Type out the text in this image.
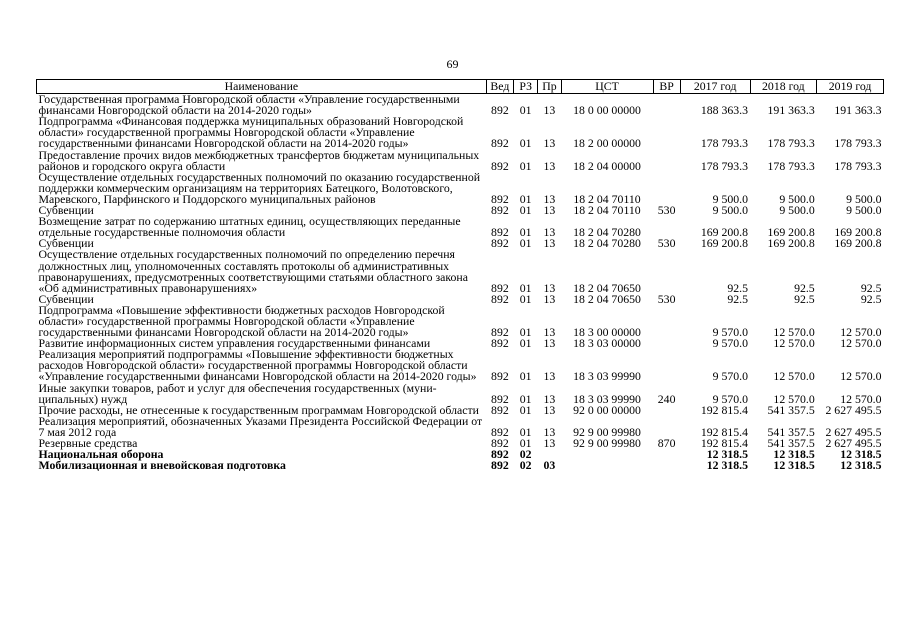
69
Наименование	Вед	РЗ	Пр	ЦСТ	ВР	2017 год	2018 год	2019 год
Государственная программа Новгородской области «Управление государственными финансами Новгородской области на 2014-2020 годы»	892	01	13	18 0 00 00000		188 363.3	191 363.3	191 363.3
Подпрограмма «Финансовая поддержка муниципальных образований Новгородской области» государственной программы Новгородской области «Управление государственными финансами Новгородской области на 2014-2020 годы»	892	01	13	18 2 00 00000		178 793.3	178 793.3	178 793.3
Предоставление прочих видов межбюджетных трансфертов бюджетам муниципальных районов и городского округа области	892	01	13	18 2 04 00000		178 793.3	178 793.3	178 793.3
Осуществление отдельных государственных полномочий по оказанию государственной поддержки коммерческим организациям на территориях Батецкого, Волотовского, Маревского, Парфинского и Поддорского муниципальных районов	892	01	13	18 2 04 70110		9 500.0	9 500.0	9 500.0
Субвенции	892	01	13	18 2 04 70110	530	9 500.0	9 500.0	9 500.0
Возмещение затрат по содержанию штатных единиц, осуществляющих переданные отдельные государственные полномочия области	892	01	13	18 2 04 70280		169 200.8	169 200.8	169 200.8
Субвенции	892	01	13	18 2 04 70280	530	169 200.8	169 200.8	169 200.8
Осуществление отдельных государственных полномочий по определению перечня должностных лиц, уполномоченных составлять протоколы об административных правонарушениях, предусмотренных соответствующими статьями областного закона «Об административных правонарушениях»	892	01	13	18 2 04 70650		92.5	92.5	92.5
Субвенции	892	01	13	18 2 04 70650	530	92.5	92.5	92.5
Подпрограмма «Повышение эффективности бюджетных расходов Новгородской области» государственной программы Новгородской области «Управление государственными финансами Новгородской области на 2014-2020 годы»	892	01	13	18 3 00 00000		9 570.0	12 570.0	12 570.0
Развитие информационных систем управления государственными финансами	892	01	13	18 3 03 00000		9 570.0	12 570.0	12 570.0
Реализация мероприятий подпрограммы «Повышение эффективности бюджетных расходов Новгородской области» государственной программы Новгородской области «Управление государственными финансами Новгородской области на 2014-2020 годы»	892	01	13	18 3 03 99990		9 570.0	12 570.0	12 570.0
Иные закупки товаров, работ и услуг для обеспечения государственных (муниципальных) нужд	892	01	13	18 3 03 99990	240	9 570.0	12 570.0	12 570.0
Прочие расходы, не отнесенные к государственным программам Новгородской области	892	01	13	92 0 00 00000		192 815.4	541 357.5	2 627 495.5
Реализация мероприятий, обозначенных Указами Президента Российской Федерации от 7 мая 2012 года	892	01	13	92 9 00 99980		192 815.4	541 357.5	2 627 495.5
Резервные средства	892	01	13	92 9 00 99980	870	192 815.4	541 357.5	2 627 495.5
Национальная оборона	892	02				12 318.5	12 318.5	12 318.5
Мобилизационная и вневойсковая подготовка	892	02	03			12 318.5	12 318.5	12 318.5
